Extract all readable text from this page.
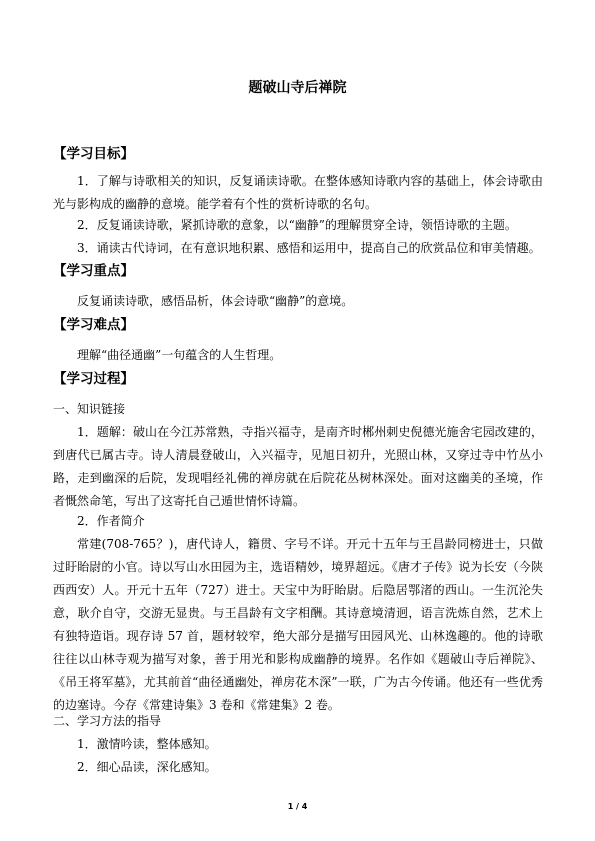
题破山寺后禅院
【学习目标】
1．了解与诗歌相关的知识，反复诵读诗歌。在整体感知诗歌内容的基础上，体会诗歌由光与影构成的幽静的意境。能学着有个性的赏析诗歌的名句。
2．反复诵读诗歌，紧抓诗歌的意象，以“幽静”的理解贯穿全诗，领悟诗歌的主题。
3．诵读古代诗词，在有意识地积累、感悟和运用中，提高自己的欣赏品位和审美情趣。
【学习重点】
反复诵读诗歌，感悟品析，体会诗歌“幽静”的意境。
【学习难点】
理解“曲径通幽”一句蕴含的人生哲理。
【学习过程】
一、知识链接
1．题解：破山在今江苏常熟，寺指兴福寺，是南齐时郴州刺史倪德光施舍宅园改建的，到唐代已属古寺。诗人清晨登破山，入兴福寺，见旭日初升，光照山林，又穿过寺中竹丛小路，走到幽深的后院，发现唱经礼佛的禅房就在后院花丛树林深处。面对这幽美的圣境，作者慨然命笔，写出了这寄托自己遁世情怀诗篇。
2．作者简介
常建(708-765？)，唐代诗人，籍贯、字号不详。开元十五年与王昌龄同榜进士，只做过盱眙尉的小官。诗以写山水田园为主，选语精妙，境界超远。《唐才子传》说为长安（今陕西西安）人。开元十五年（727）进士。天宝中为盱眙尉。后隐居鄂渚的西山。一生沉沦失意，耿介自守，交游无显贵。与王昌龄有文字相酬。其诗意境清迥，语言洗炼自然，艺术上有独特造诣。现存诗 57 首，题材较窄，绝大部分是描写田园风光、山林逸趣的。他的诗歌往往以山林寺观为描写对象，善于用光和影构成幽静的境界。名作如《题破山寺后禅院》、《吊王将军墓》，尤其前首“曲径通幽处，禅房花木深”一联，广为古今传诵。他还有一些优秀的边塞诗。今存《常建诗集》3 卷和《常建集》2 卷。
二、学习方法的指导
1．激情吟读，整体感知。
2．细心品读，深化感知。
1 / 4
